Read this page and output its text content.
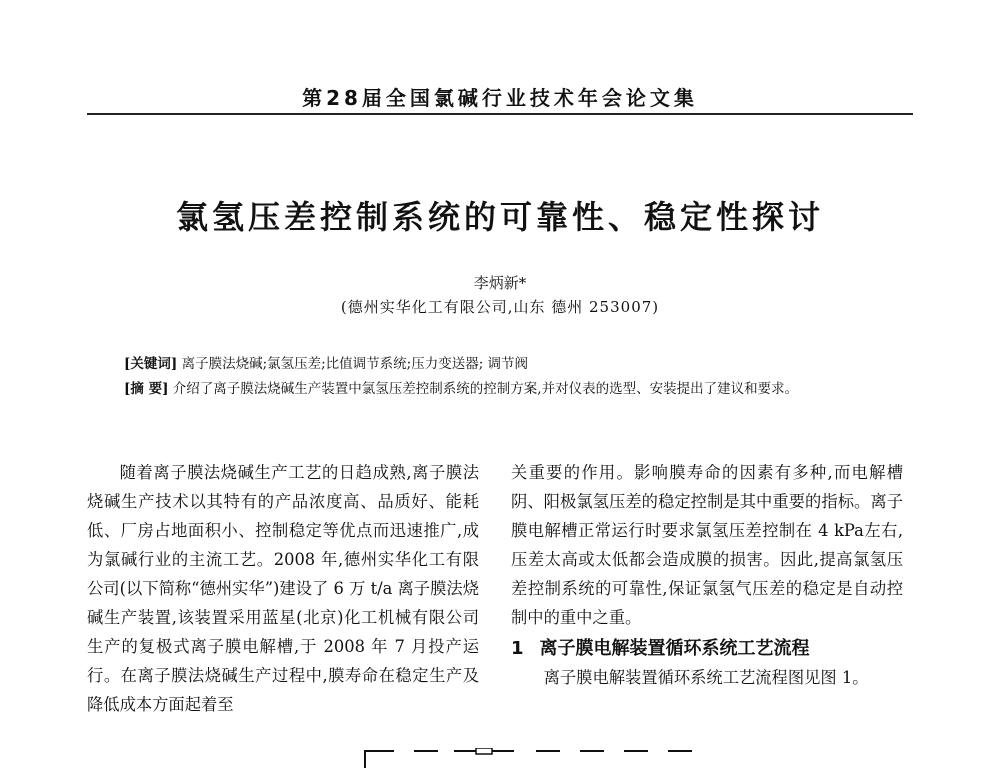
第28届全国氯碱行业技术年会论文集
氯氢压差控制系统的可靠性、稳定性探讨
李炳新*
(德州实华化工有限公司,山东 德州 253007)
[关键词] 离子膜法烧碱;氯氢压差;比值调节系统;压力变送器; 调节阀
[摘 要] 介绍了离子膜法烧碱生产装置中氯氢压差控制系统的控制方案,并对仪表的选型、安装提出了建议和要求。

随着离子膜法烧碱生产工艺的日趋成熟,离子膜法烧碱生产技术以其特有的产品浓度高、品质好、能耗低、厂房占地面积小、控制稳定等优点而迅速推广,成为氯碱行业的主流工艺。2008 年,德州实华化工有限公司(以下简称“德州实华”)建设了 6 万 t/a 离子膜法烧碱生产装置,该装置采用蓝星(北京)化工机械有限公司生产的复极式离子膜电解槽,于 2008 年 7 月投产运行。在离子膜法烧碱生产过程中,膜寿命在稳定生产及降低成本方面起着至

关重要的作用。影响膜寿命的因素有多种,而电解槽阴、阳极氯氢压差的稳定控制是其中重要的指标。离子膜电解槽正常运行时要求氯氢压差控制在 4 kPa左右,压差太高或太低都会造成膜的损害。因此,提高氯氢压差控制系统的可靠性,保证氯氢气压差的稳定是自动控制中的重中之重。

1 离子膜电解装置循环系统工艺流程

离子膜电解装置循环系统工艺流程图见图 1。
